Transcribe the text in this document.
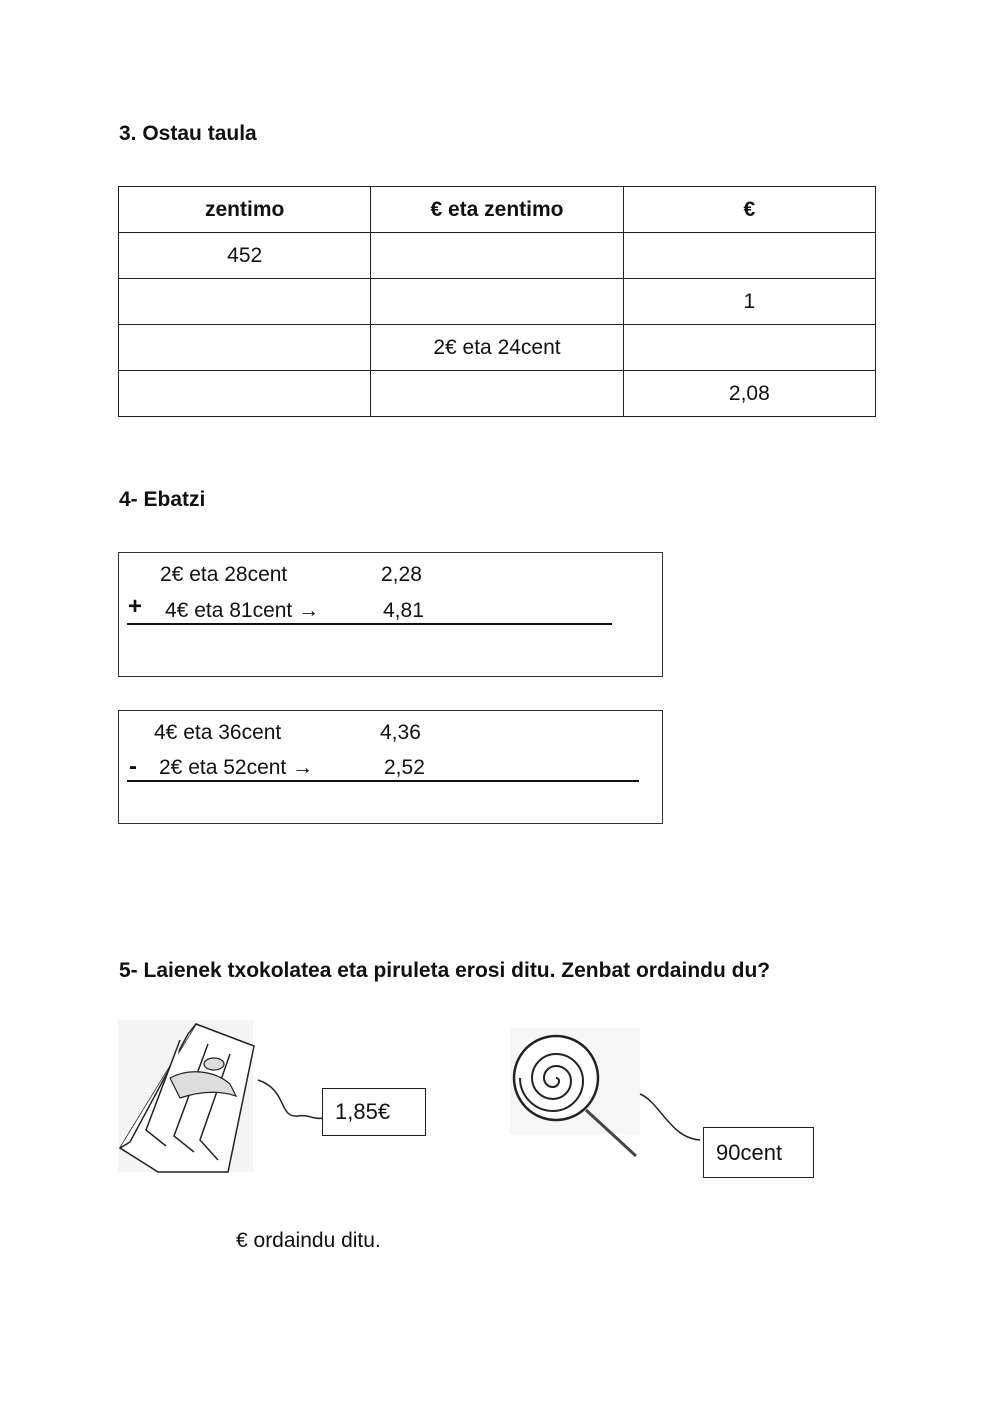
3. Ostau taula
zentimo	€ eta zentimo	€
452		
		1
	2€ eta 24cent	
		2,08
4- Ebatzi
2€ eta 28cent	2,28
+ 4€ eta 81cent →	4,81
4€ eta 36cent	4,36
- 2€ eta 52cent →	2,52
5- Laienek txokolatea eta piruleta erosi ditu. Zenbat ordaindu du?
1,85€
90cent
€ ordaindu ditu.
